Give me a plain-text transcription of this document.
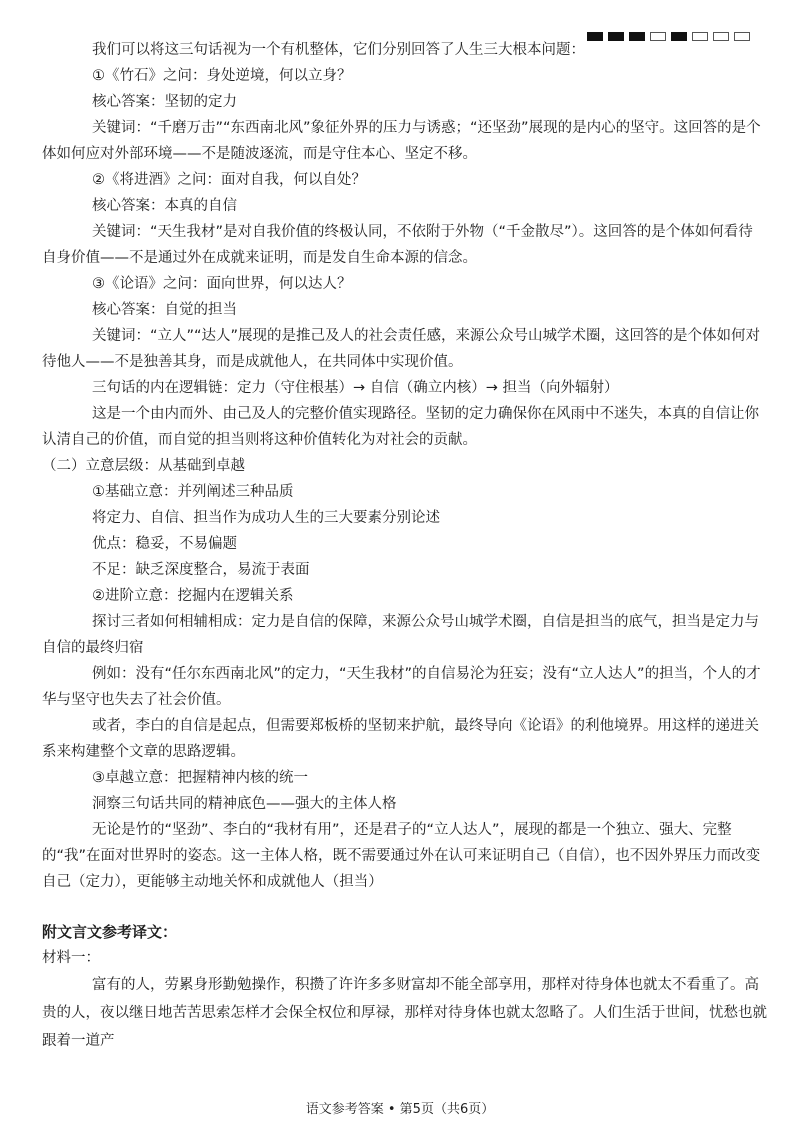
我们可以将这三句话视为一个有机整体，它们分别回答了人生三大根本问题：

①《竹石》之问：身处逆境，何以立身？

核心答案：坚韧的定力

关键词：“千磨万击”“东西南北风”象征外界的压力与诱惑；“还坚劲”展现的是内心的坚守。这回答的是个体如何应对外部环境——不是随波逐流，而是守住本心、坚定不移。

②《将进酒》之问：面对自我，何以自处？

核心答案：本真的自信

关键词：“天生我材”是对自我价值的终极认同，不依附于外物（“千金散尽”）。这回答的是个体如何看待自身价值——不是通过外在成就来证明，而是发自生命本源的信念。

③《论语》之问：面向世界，何以达人？

核心答案：自觉的担当

关键词：“立人”“达人”展现的是推己及人的社会责任感，来源公众号山城学术圈，这回答的是个体如何对待他人——不是独善其身，而是成就他人，在共同体中实现价值。

三句话的内在逻辑链：定力（守住根基）→ 自信（确立内核）→ 担当（向外辐射）

这是一个由内而外、由己及人的完整价值实现路径。坚韧的定力确保你在风雨中不迷失，本真的自信让你认清自己的价值，而自觉的担当则将这种价值转化为对社会的贡献。

（二）立意层级：从基础到卓越

①基础立意：并列阐述三种品质

将定力、自信、担当作为成功人生的三大要素分别论述

优点：稳妥，不易偏题

不足：缺乏深度整合，易流于表面

②进阶立意：挖掘内在逻辑关系

探讨三者如何相辅相成：定力是自信的保障，来源公众号山城学术圈，自信是担当的底气，担当是定力与自信的最终归宿

例如：没有“任尔东西南北风”的定力，“天生我材”的自信易沦为狂妄；没有“立人达人”的担当，个人的才华与坚守也失去了社会价值。

或者，李白的自信是起点，但需要郑板桥的坚韧来护航，最终导向《论语》的利他境界。用这样的递进关系来构建整个文章的思路逻辑。

③卓越立意：把握精神内核的统一

洞察三句话共同的精神底色——强大的主体人格

无论是竹的“坚劲”、李白的“我材有用”，还是君子的“立人达人”，展现的都是一个独立、强大、完整的“我”在面对世界时的姿态。这一主体人格，既不需要通过外在认可来证明自己（自信），也不因外界压力而改变自己（定力），更能够主动地关怀和成就他人（担当）

附文言文参考译文：

材料一：

富有的人，劳累身形勤勉操作，积攒了许许多多财富却不能全部享用，那样对待身体也就太不看重了。高贵的人，夜以继日地苦苦思索怎样才会保全权位和厚禄，那样对待身体也就太忽略了。人们生活于世间，忧愁也就跟着一道产

语文参考答案 • 第5页（共6页）
